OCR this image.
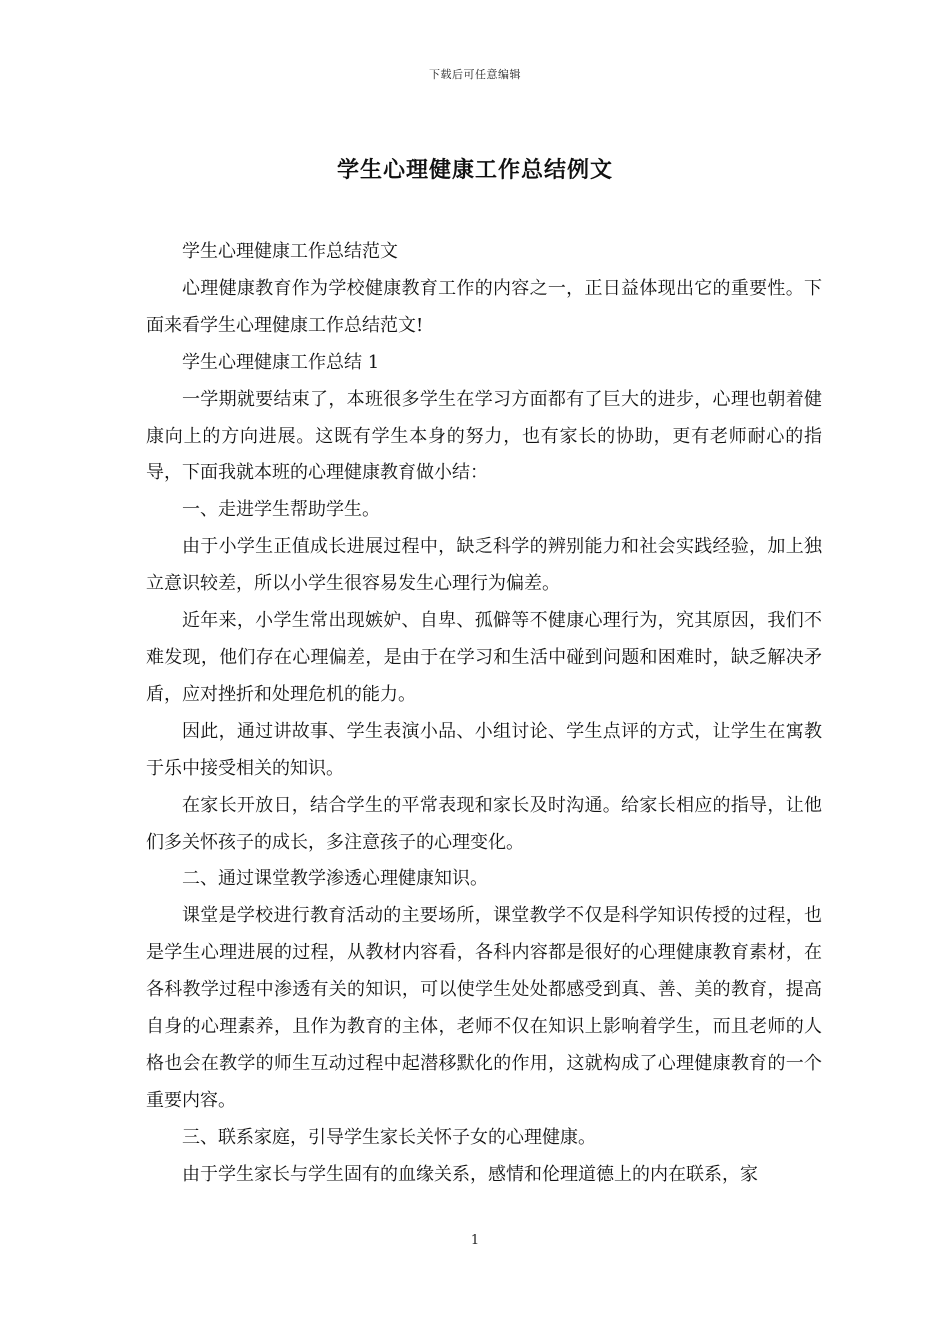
下载后可任意编辑
学生心理健康工作总结例文

学生心理健康工作总结范文

心理健康教育作为学校健康教育工作的内容之一，正日益体现出它的重要性。下面来看学生心理健康工作总结范文!

学生心理健康工作总结 1

一学期就要结束了，本班很多学生在学习方面都有了巨大的进步，心理也朝着健康向上的方向进展。这既有学生本身的努力，也有家长的协助，更有老师耐心的指导，下面我就本班的心理健康教育做小结：

一、走进学生帮助学生。

由于小学生正值成长进展过程中，缺乏科学的辨别能力和社会实践经验，加上独立意识较差，所以小学生很容易发生心理行为偏差。

近年来，小学生常出现嫉妒、自卑、孤僻等不健康心理行为，究其原因，我们不难发现，他们存在心理偏差，是由于在学习和生活中碰到问题和困难时，缺乏解决矛盾，应对挫折和处理危机的能力。

因此，通过讲故事、学生表演小品、小组讨论、学生点评的方式，让学生在寓教于乐中接受相关的知识。

在家长开放日，结合学生的平常表现和家长及时沟通。给家长相应的指导，让他们多关怀孩子的成长，多注意孩子的心理变化。

二、通过课堂教学渗透心理健康知识。

课堂是学校进行教育活动的主要场所，课堂教学不仅是科学知识传授的过程，也是学生心理进展的过程，从教材内容看，各科内容都是很好的心理健康教育素材，在各科教学过程中渗透有关的知识，可以使学生处处都感受到真、善、美的教育，提高自身的心理素养，且作为教育的主体，老师不仅在知识上影响着学生，而且老师的人格也会在教学的师生互动过程中起潜移默化的作用，这就构成了心理健康教育的一个重要内容。

三、联系家庭，引导学生家长关怀子女的心理健康。

由于学生家长与学生固有的血缘关系，感情和伦理道德上的内在联系，家

1
